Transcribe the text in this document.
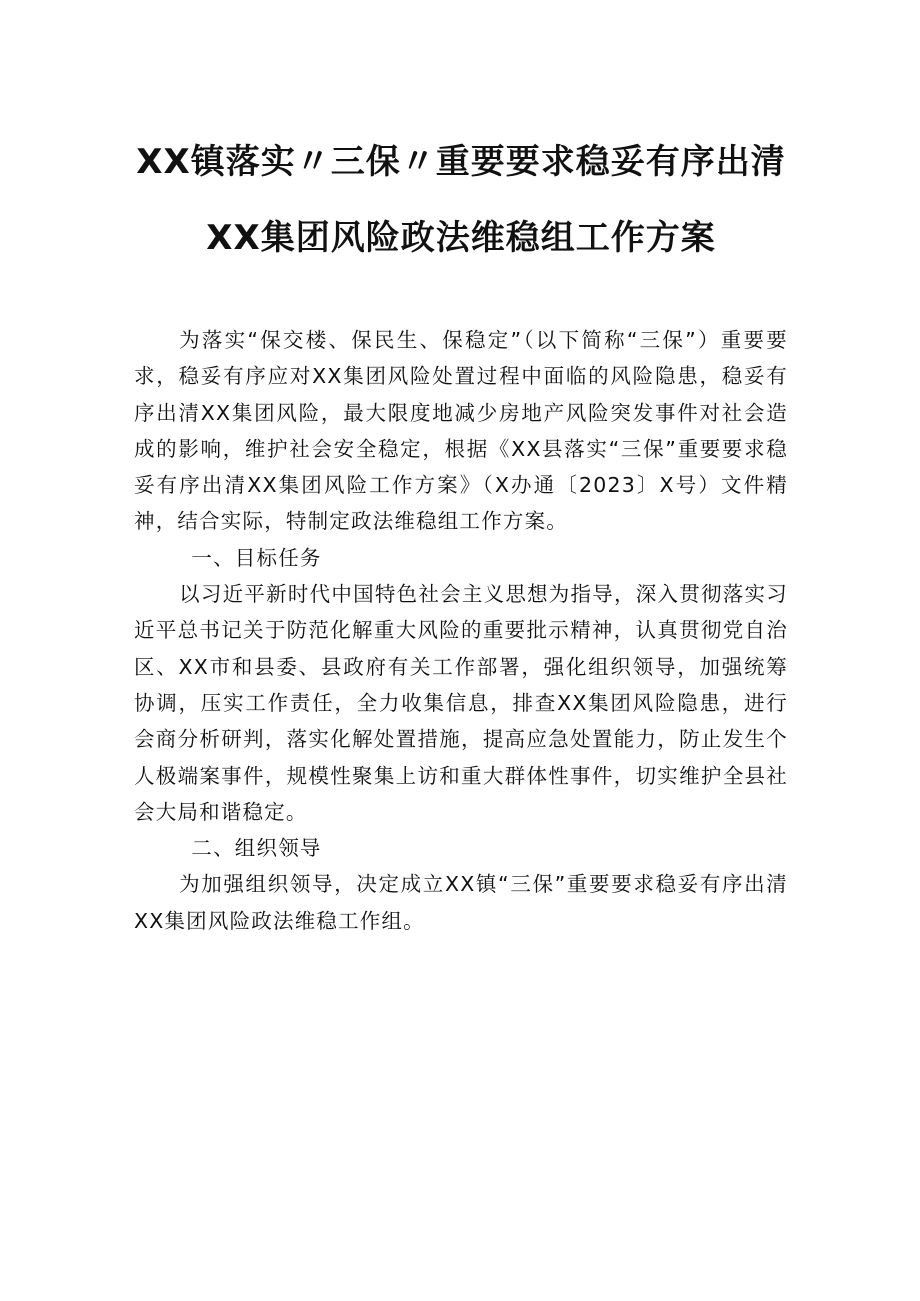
XX镇落实〃三保〃重要要求稳妥有序出清
XX集团风险政法维稳组工作方案

为落实“保交楼、保民生、保稳定”（以下简称“三保”）重要要求，稳妥有序应对XX集团风险处置过程中面临的风险隐患，稳妥有序出清XX集团风险，最大限度地减少房地产风险突发事件对社会造成的影响，维护社会安全稳定，根据《XX县落实“三保”重要要求稳妥有序出清XX集团风险工作方案》（X办通〔2023〕X号）文件精神，结合实际，特制定政法维稳组工作方案。

一、目标任务

以习近平新时代中国特色社会主义思想为指导，深入贯彻落实习近平总书记关于防范化解重大风险的重要批示精神，认真贯彻党自治区、XX市和县委、县政府有关工作部署，强化组织领导，加强统筹协调，压实工作责任，全力收集信息，排查XX集团风险隐患，进行会商分析研判，落实化解处置措施，提高应急处置能力，防止发生个人极端案事件，规模性聚集上访和重大群体性事件，切实维护全县社会大局和谐稳定。

二、组织领导

为加强组织领导，决定成立XX镇“三保”重要要求稳妥有序出清XX集团风险政法维稳工作组。
